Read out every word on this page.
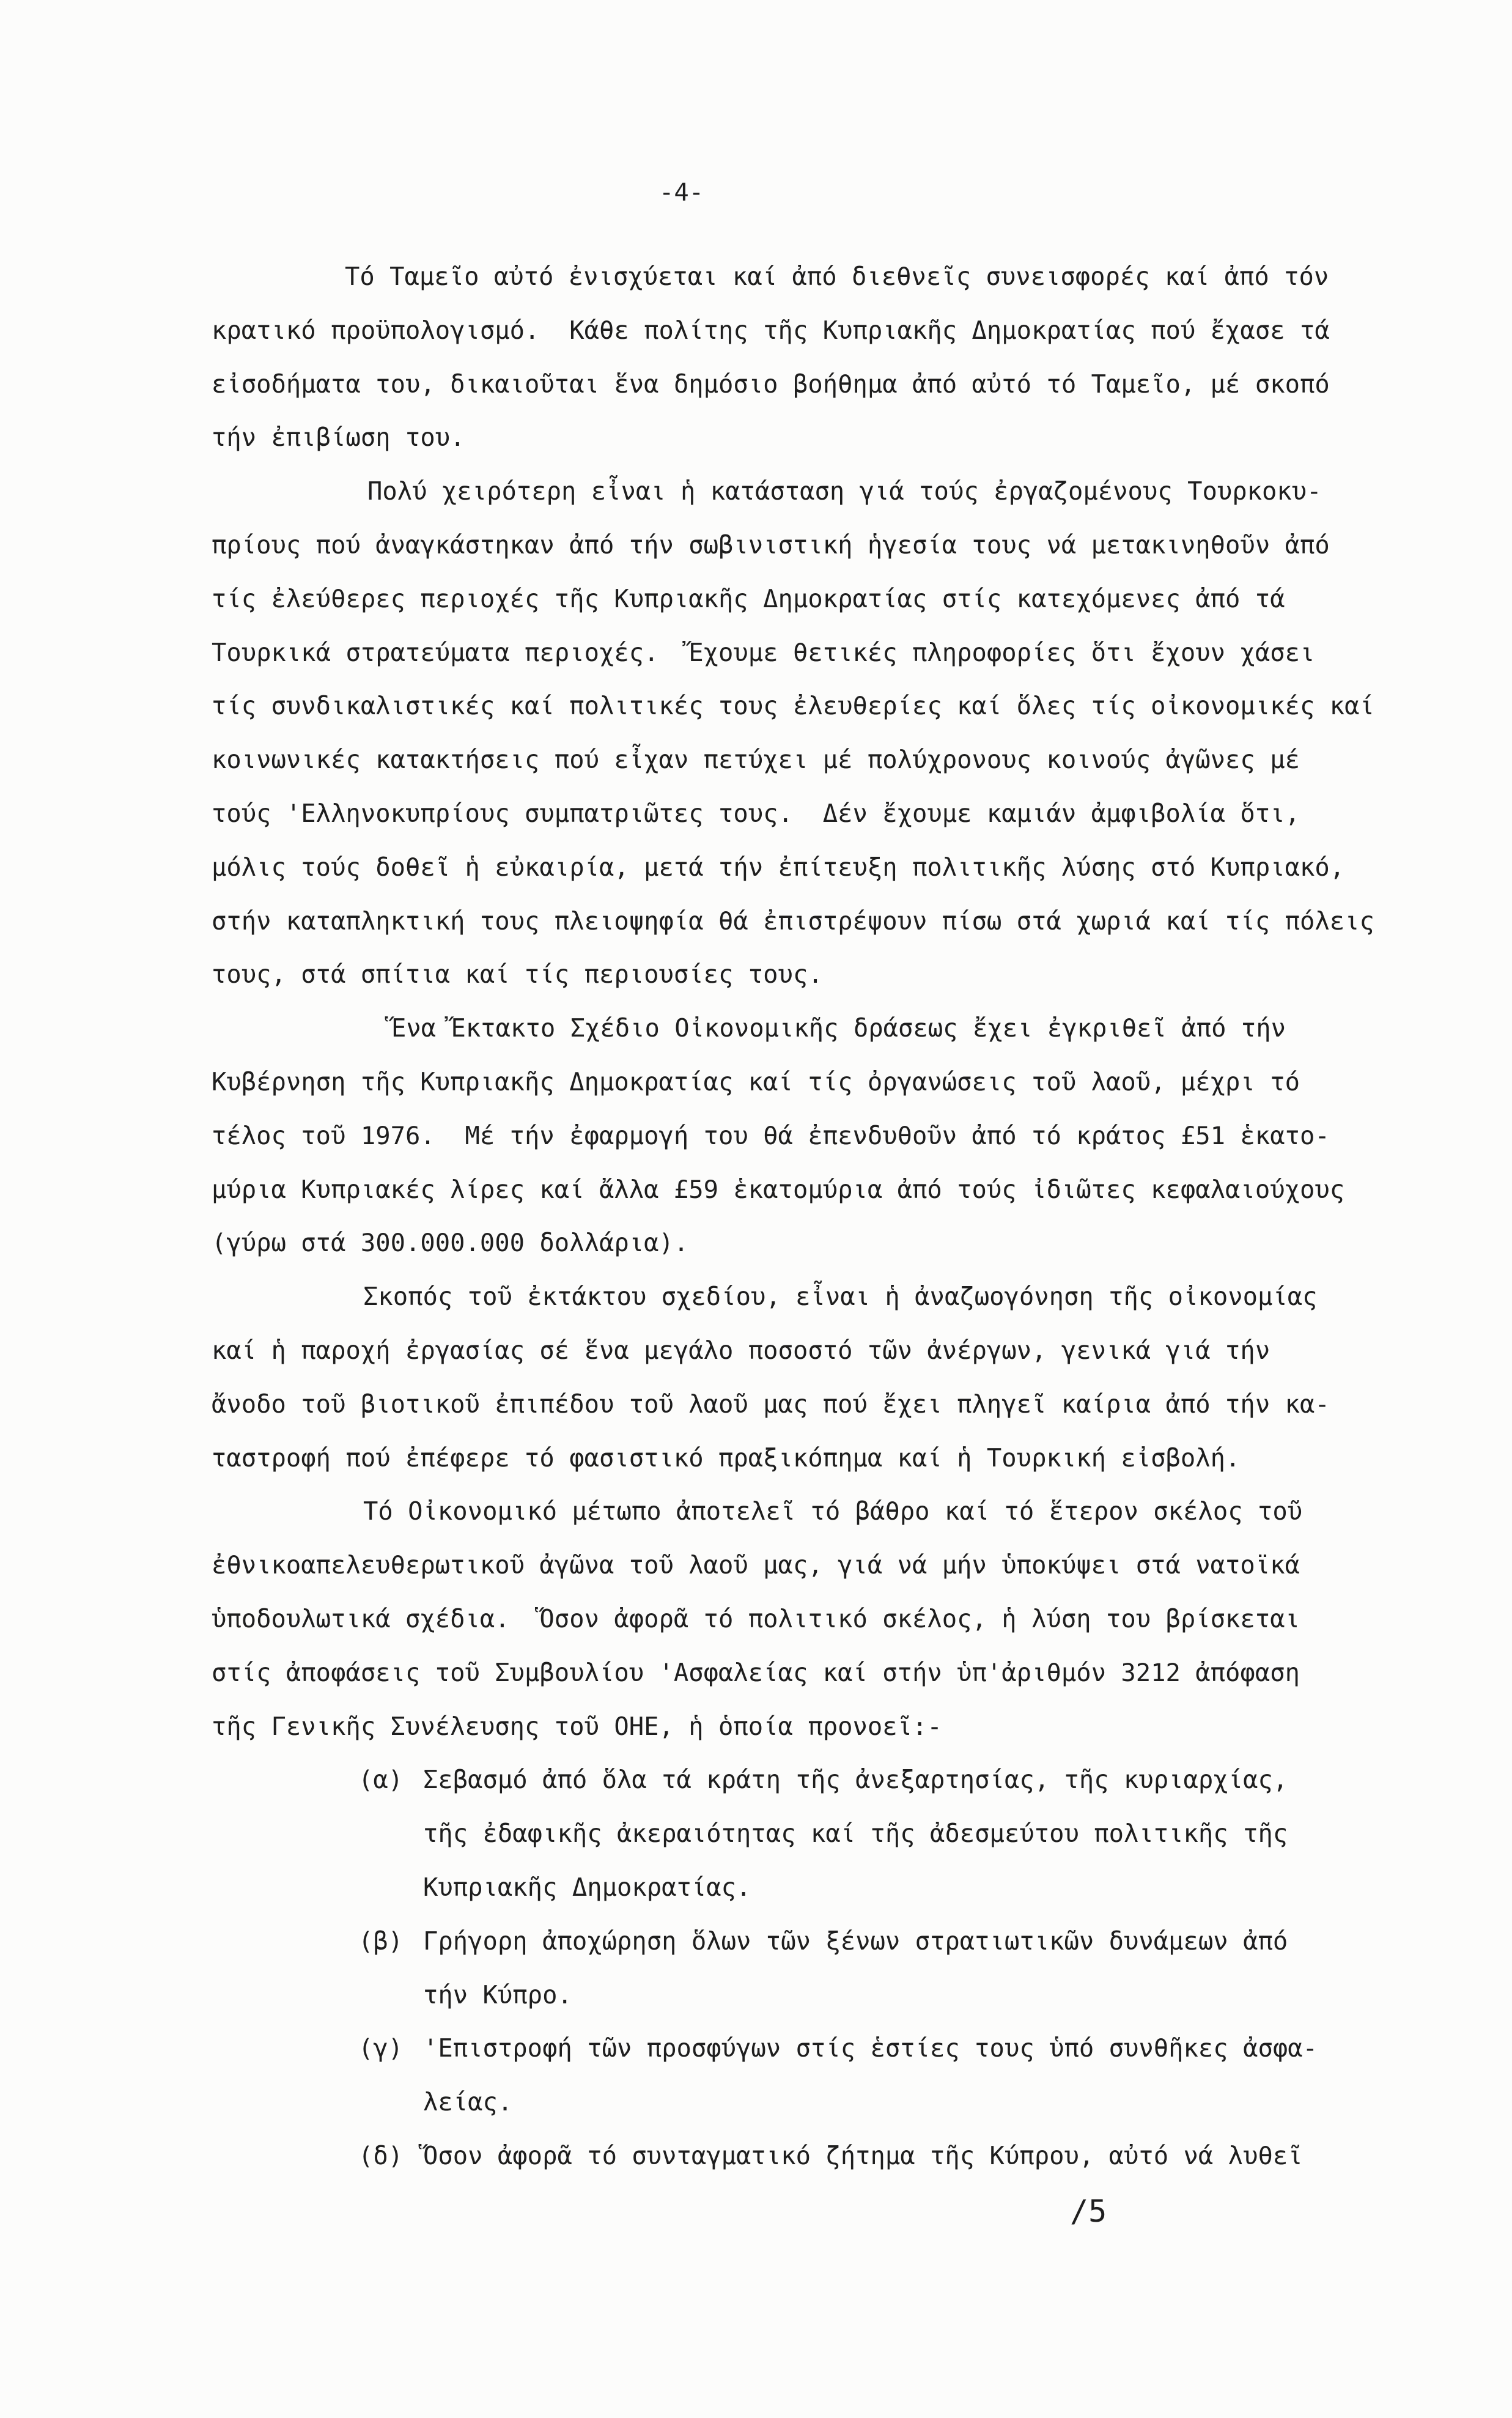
-4-
Τό Ταμεῖο αὐτό ἐνισχύεται καί ἀπό διεθνεῖς συνεισφορές καί ἀπό τόν
κρατικό προϋπολογισμό.  Κάθε πολίτης τῆς Κυπριακῆς Δημοκρατίας πού ἔχασε τά
εἰσοδήματα του, δικαιοῦται ἕνα δημόσιο βοήθημα ἀπό αὐτό τό Ταμεῖο, μέ σκοπό
τήν ἐπιβίωση του.
Πολύ χειρότερη εἶναι ἡ κατάσταση γιά τούς ἐργαζομένους Τουρκοκυ-
πρίους πού ἀναγκάστηκαν ἀπό τήν σωβινιστική ἡγεσία τους νά μετακινηθοῦν ἀπό
τίς ἐλεύθερες περιοχές τῆς Κυπριακῆς Δημοκρατίας στίς κατεχόμενες ἀπό τά
Τουρκικά στρατεύματα περιοχές.  Ἔχουμε θετικές πληροφορίες ὅτι ἔχουν χάσει
τίς συνδικαλιστικές καί πολιτικές τους ἐλευθερίες καί ὅλες τίς οἰκονομικές καί
κοινωνικές κατακτήσεις πού εἶχαν πετύχει μέ πολύχρονους κοινούς ἀγῶνες μέ
τούς 'Ελληνοκυπρίους συμπατριῶτες τους.  Δέν ἔχουμε καμιάν ἀμφιβολία ὅτι,
μόλις τούς δοθεῖ ἡ εὐκαιρία, μετά τήν ἐπίτευξη πολιτικῆς λύσης στό Κυπριακό,
στήν καταπληκτική τους πλειοψηφία θά ἐπιστρέψουν πίσω στά χωριά καί τίς πόλεις
τους, στά σπίτια καί τίς περιουσίες τους.
Ἕνα Ἔκτακτο Σχέδιο Οἰκονομικῆς δράσεως ἔχει ἐγκριθεῖ ἀπό τήν
Κυβέρνηση τῆς Κυπριακῆς Δημοκρατίας καί τίς ὀργανώσεις τοῦ λαοῦ, μέχρι τό
τέλος τοῦ 1976.  Μέ τήν ἐφαρμογή του θά ἐπενδυθοῦν ἀπό τό κράτος £51 ἑκατο-
μύρια Κυπριακές λίρες καί ἄλλα £59 ἑκατομύρια ἀπό τούς ἰδιῶτες κεφαλαιούχους
(γύρω στά 300.000.000 δολλάρια).
Σκοπός τοῦ ἐκτάκτου σχεδίου, εἶναι ἡ ἀναζωογόνηση τῆς οἰκονομίας
καί ἡ παροχή ἐργασίας σέ ἕνα μεγάλο ποσοστό τῶν ἀνέργων, γενικά γιά τήν
ἄνοδο τοῦ βιοτικοῦ ἐπιπέδου τοῦ λαοῦ μας πού ἔχει πληγεῖ καίρια ἀπό τήν κα-
ταστροφή πού ἐπέφερε τό φασιστικό πραξικόπημα καί ἡ Τουρκική εἰσβολή.
Τό Οἰκονομικό μέτωπο ἀποτελεῖ τό βάθρο καί τό ἕτερον σκέλος τοῦ
ἐθνικοαπελευθερωτικοῦ ἀγῶνα τοῦ λαοῦ μας, γιά νά μήν ὑποκύψει στά νατοϊκά
ὑποδουλωτικά σχέδια.  Ὅσον ἀφορᾶ τό πολιτικό σκέλος, ἡ λύση του βρίσκεται
στίς ἀποφάσεις τοῦ Συμβουλίου 'Ασφαλείας καί στήν ὑπ'ἀριθμόν 3212 ἀπόφαση
τῆς Γενικῆς Συνέλευσης τοῦ ΟΗΕ, ἡ ὁποία προνοεῖ:-
(α) Σεβασμό ἀπό ὅλα τά κράτη τῆς ἀνεξαρτησίας, τῆς κυριαρχίας,
τῆς ἐδαφικῆς ἀκεραιότητας καί τῆς ἀδεσμεύτου πολιτικῆς τῆς
Κυπριακῆς Δημοκρατίας.
(β) Γρήγορη ἀποχώρηση ὅλων τῶν ξένων στρατιωτικῶν δυνάμεων ἀπό
τήν Κύπρο.
(γ) 'Επιστροφή τῶν προσφύγων στίς ἑστίες τους ὑπό συνθῆκες ἀσφα-
λείας.
(δ) Ὅσον ἀφορᾶ τό συνταγματικό ζήτημα τῆς Κύπρου, αὐτό νά λυθεῖ
/5
